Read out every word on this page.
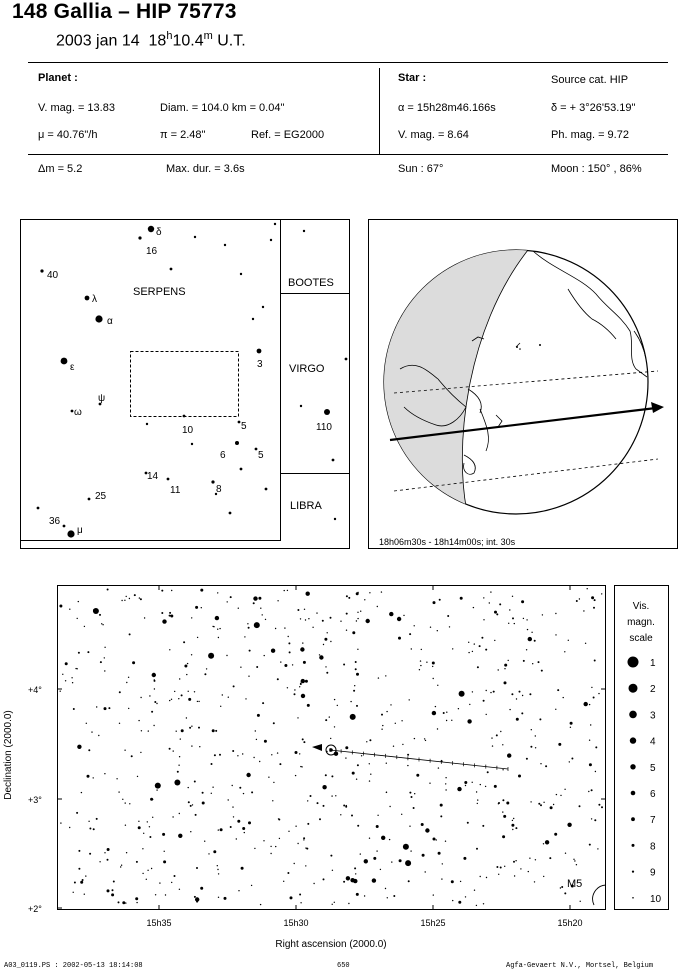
148 Gallia – HIP 75773
2003 jan 14 18$^h$10.4$^m$ U.T.
Planet :
V. mag. = 13.83	Diam. = 104.0 km = 0.04"
μ = 40.76"/h	π = 2.48"	Ref. = EG2000
Star :	Source cat. HIP
α = 15h28m46.166s	δ = + 3°26'53.19"
V. mag. = 8.64	Ph. mag. = 9.72
Δm = 5.2	Max. dur. = 3.6s	Sun : 67°	Moon : 150° , 86%
SERPENS
BOOTES
VIRGO
LIBRA
δ
16
40
λ
α
ε	3
ψ
ω
10	5	110
6	5
14
11	8
25
36
μ
18h06m30s - 18h14m00s; int. 30s
M5
+4°
+3°
+2°
15h35	15h30	15h25	15h20
Right ascension (2000.0)
Declination (2000.0)
Vis.
magn.
scale
1
2
3
4
5
6
7
8
9
10
A03_0119.PS : 2002-05-13 18:14:08	650	Agfa-Gevaert N.V., Mortsel, Belgium
